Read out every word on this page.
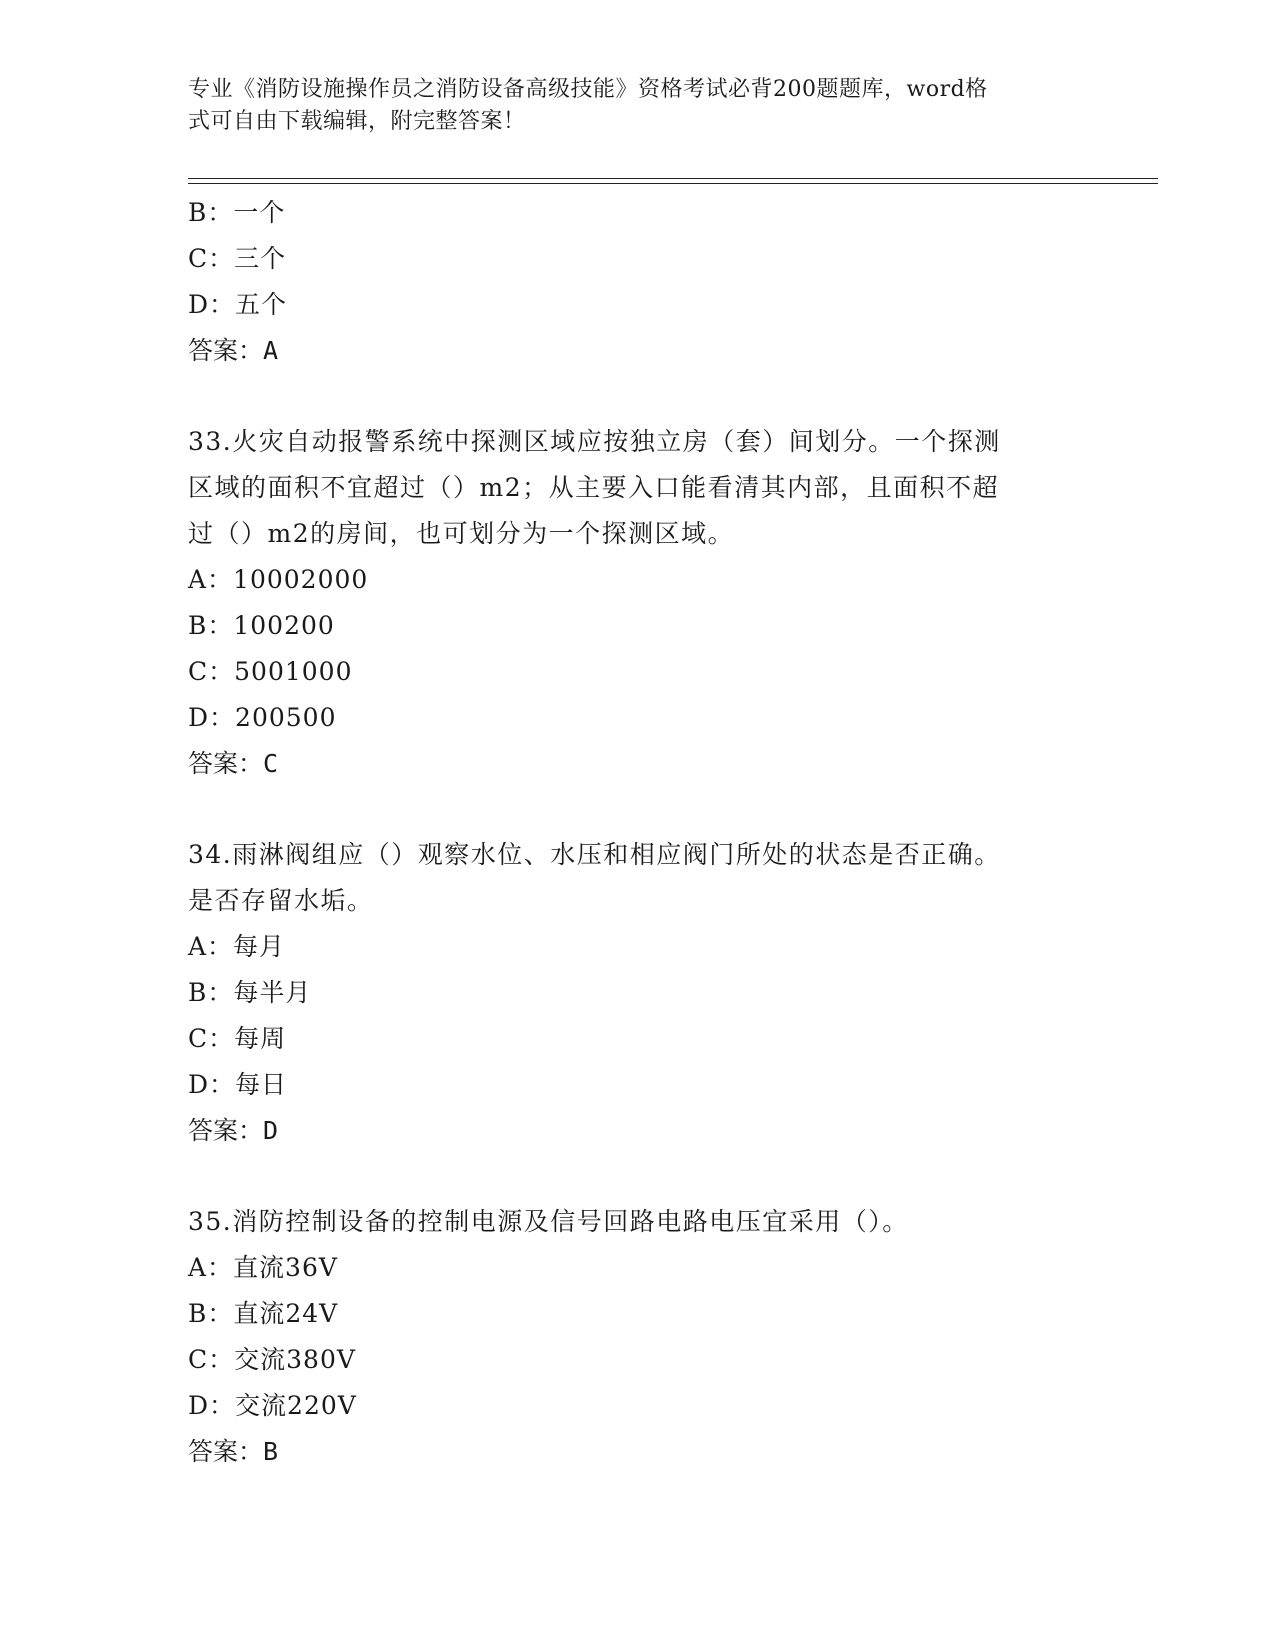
专业《消防设施操作员之消防设备高级技能》资格考试必背200题题库，word格
式可自由下载编辑，附完整答案！
B：一个
C：三个
D：五个
答案：A
33.火灾自动报警系统中探测区域应按独立房（套）间划分。一个探测
区域的面积不宜超过（）m2；从主要入口能看清其内部，且面积不超
过（）m2的房间，也可划分为一个探测区域。
A：10002000
B：100200
C：5001000
D：200500
答案：C
34.雨淋阀组应（）观察水位、水压和相应阀门所处的状态是否正确。
是否存留水垢。
A：每月
B：每半月
C：每周
D：每日
答案：D
35.消防控制设备的控制电源及信号回路电路电压宜采用（）。
A：直流36V
B：直流24V
C：交流380V
D：交流220V
答案：B
